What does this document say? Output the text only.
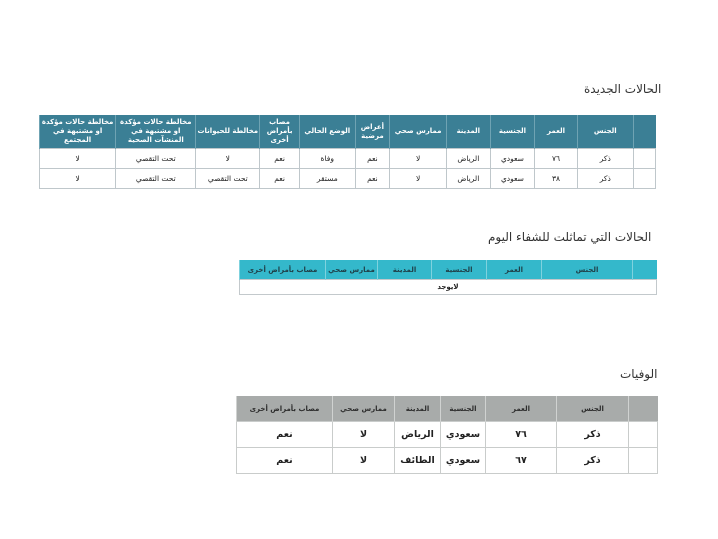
الحالات الجديدة
	الجنس	العمر	الجنسية	المدينة	ممارس صحي	أعراض مرضية	الوضع الحالي	مصاب بأمراض أخرى	مخالطة للحيوانات	مخالطة حالات مؤكدة او مشتبهة في المنشآت الصحية	مخالطة حالات مؤكدة او مشتبهة في المجتمع
	ذكر	٧٦	سعودي	الرياض	لا	نعم	وفاة	نعم	لا	تحت التقصي	لا
	ذكر	٣٨	سعودي	الرياض	لا	نعم	مستقر	نعم	تحت التقصي	تحت التقصي	لا
الحالات التي تماثلت للشفاء اليوم
	الجنس	العمر	الجنسية	المدينة	ممارس صحي	مصاب بأمراض أخرى
لايوجد
الوفيات
	الجنس	العمر	الجنسية	المدينة	ممارس صحي	مصاب بأمراض أخرى
	ذكر	٧٦	سعودي	الرياض	لا	نعم
	ذكر	٦٧	سعودي	الطائف	لا	نعم
